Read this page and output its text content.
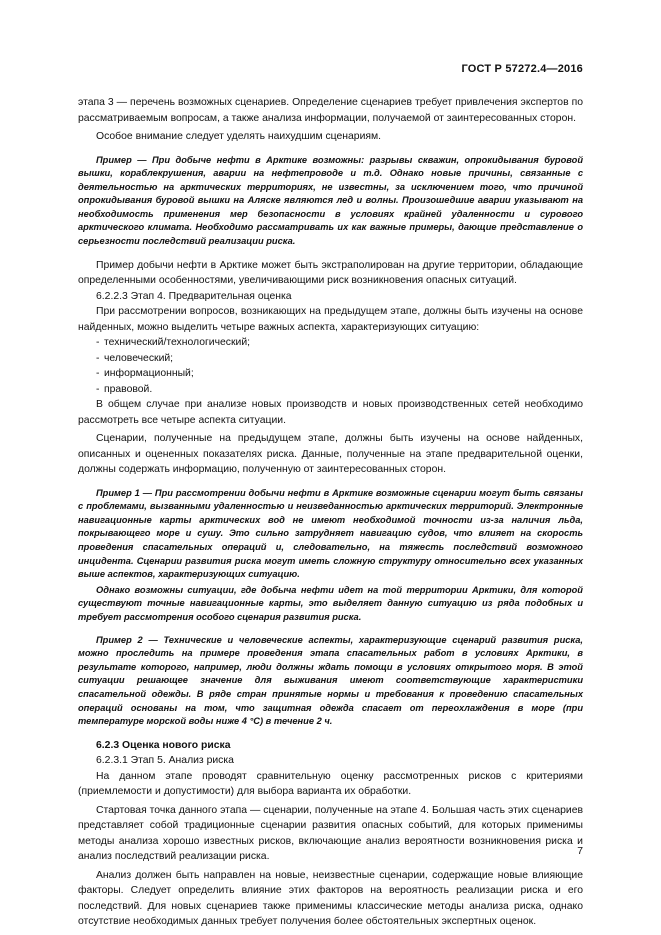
ГОСТ Р 57272.4—2016

этапа 3 — перечень возможных сценариев. Определение сценариев требует привлечения экспертов по рассматриваемым вопросам, а также анализа информации, получаемой от заинтересованных сторон.

Особое внимание следует уделять наихудшим сценариям.

Пример — При добыче нефти в Арктике возможны: разрывы скважин, опрокидывания буровой вышки, кораблекрушения, аварии на нефтепроводе и т.д. Однако новые причины, связанные с деятельностью на арктических территориях, не известны, за исключением того, что причиной опрокидывания буровой вышки на Аляске являются лед и волны. Произошедшие аварии указывают на необходимость применения мер безопасности в условиях крайней удаленности и сурового арктического климата. Необходимо рассматривать их как важные примеры, дающие представление о серьезности последствий реализации риска.

Пример добычи нефти в Арктике может быть экстраполирован на другие территории, обладающие определенными особенностями, увеличивающими риск возникновения опасных ситуаций.

6.2.2.3 Этап 4. Предварительная оценка

При рассмотрении вопросов, возникающих на предыдущем этапе, должны быть изучены на основе найденных, можно выделить четыре важных аспекта, характеризующих ситуацию:

- технический/технологический;
- человеческий;
- информационный;
- правовой.

В общем случае при анализе новых производств и новых производственных сетей необходимо рассмотреть все четыре аспекта ситуации.

Сценарии, полученные на предыдущем этапе, должны быть изучены на основе найденных, описанных и оцененных показателях риска. Данные, полученные на этапе предварительной оценки, должны содержать информацию, полученную от заинтересованных сторон.

Пример 1 — При рассмотрении добычи нефти в Арктике возможные сценарии могут быть связаны с проблемами, вызванными удаленностью и неизведанностью арктических территорий. Электронные навигационные карты арктических вод не имеют необходимой точности из-за наличия льда, покрывающего море и сушу. Это сильно затрудняет навигацию судов, что влияет на скорость проведения спасательных операций и, следовательно, на тяжесть последствий возможного инцидента. Сценарии развития риска могут иметь сложную структуру относительно всех указанных выше аспектов, характеризующих ситуацию.

Однако возможны ситуации, где добыча нефти идет на той территории Арктики, для которой существуют точные навигационные карты, это выделяет данную ситуацию из ряда подобных и требует рассмотрения особого сценария развития риска.

Пример 2 — Технические и человеческие аспекты, характеризующие сценарий развития риска, можно проследить на примере проведения этапа спасательных работ в условиях Арктики, в результате которого, например, люди должны ждать помощи в условиях открытого моря. В этой ситуации решающее значение для выживания имеют соответствующие характеристики спасательной одежды. В ряде стран принятые нормы и требования к проведению спасательных операций основаны на том, что защитная одежда спасает от переохлаждения в море (при температуре морской воды ниже 4 °C) в течение 2 ч.

6.2.3 Оценка нового риска

6.2.3.1 Этап 5. Анализ риска

На данном этапе проводят сравнительную оценку рассмотренных рисков с критериями (приемлемости и допустимости) для выбора варианта их обработки.

Стартовая точка данного этапа — сценарии, полученные на этапе 4. Большая часть этих сценариев представляет собой традиционные сценарии развития опасных событий, для которых применимы методы анализа хорошо известных рисков, включающие анализ вероятности возникновения риска и анализ последствий реализации риска.

Анализ должен быть направлен на новые, неизвестные сценарии, содержащие новые влияющие факторы. Следует определить влияние этих факторов на вероятность реализации риска и его последствий. Для новых сценариев также применимы классические методы анализа риска, однако отсутствие необходимых данных требует получения более обстоятельных экспертных оценок.

7
